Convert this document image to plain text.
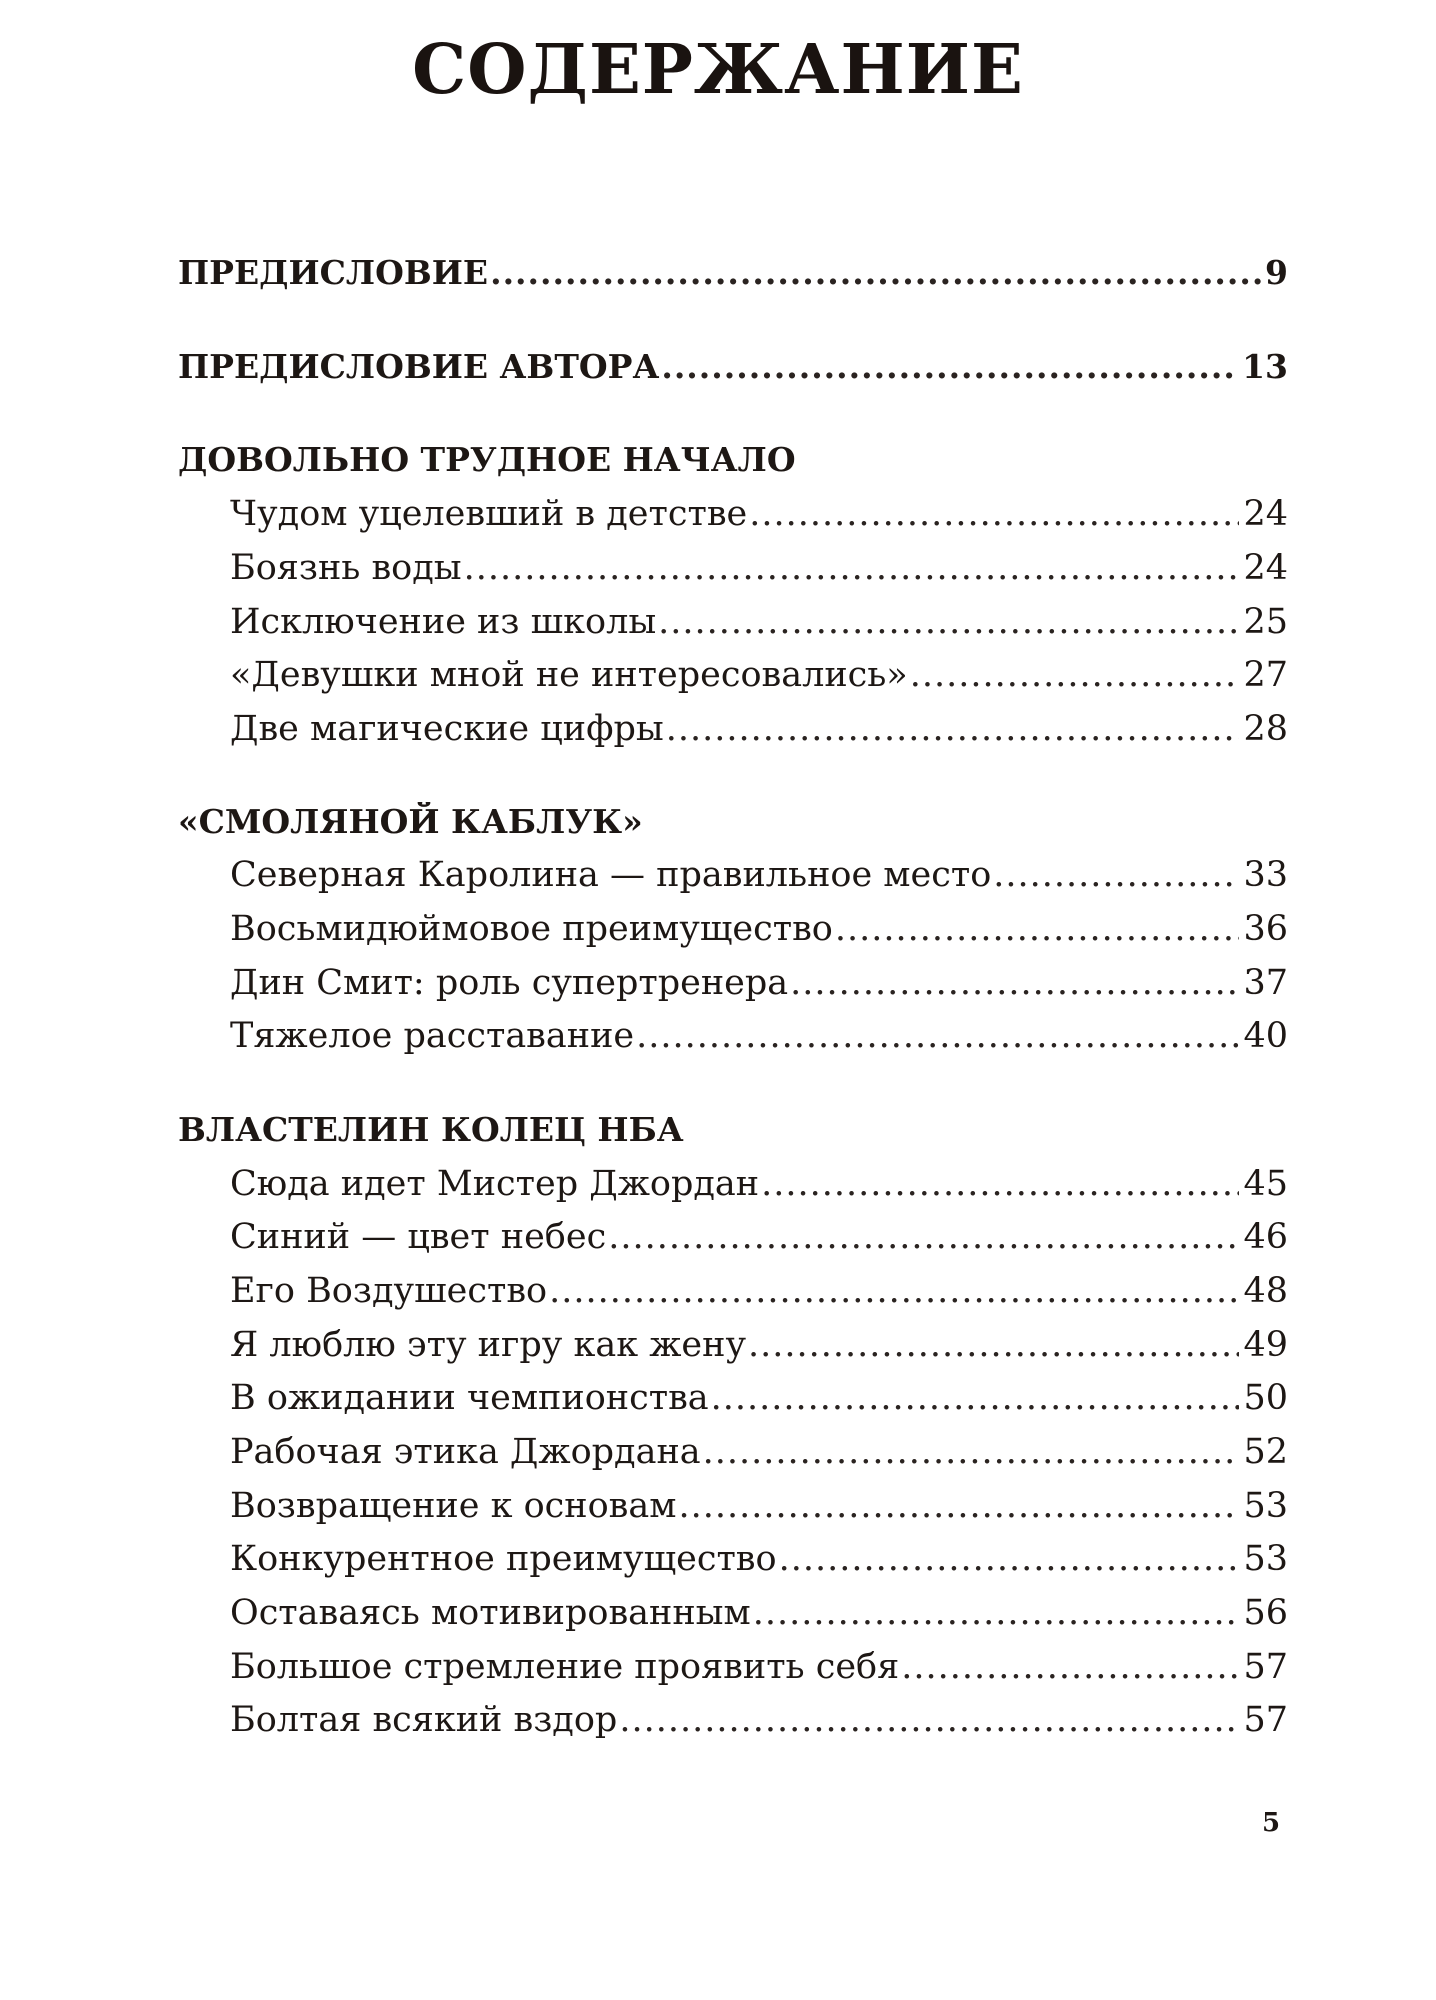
СОДЕРЖАНИЕ
ПРЕДИСЛОВИЕ .....	9
ПРЕДИСЛОВИЕ АВТОРА .....	13
ДОВОЛЬНО ТРУДНОЕ НАЧАЛО
Чудом уцелевший в детстве .....	24
Боязнь воды .....	24
Исключение из школы .....	25
«Девушки мной не интересовались» .....	27
Две магические цифры .....	28
«СМОЛЯНОЙ КАБЛУК»
Северная Каролина — правильное место .....	33
Восьмидюймовое преимущество .....	36
Дин Смит: роль супертренера .....	37
Тяжелое расставание .....	40
ВЛАСТЕЛИН КОЛЕЦ НБА
Сюда идет Мистер Джордан .....	45
Синий — цвет небес .....	46
Его Воздушество .....	48
Я люблю эту игру как жену .....	49
В ожидании чемпионства .....	50
Рабочая этика Джордана .....	52
Возвращение к основам .....	53
Конкурентное преимущество .....	53
Оставаясь мотивированным .....	56
Большое стремление проявить себя .....	57
Болтая всякий вздор .....	57
5
